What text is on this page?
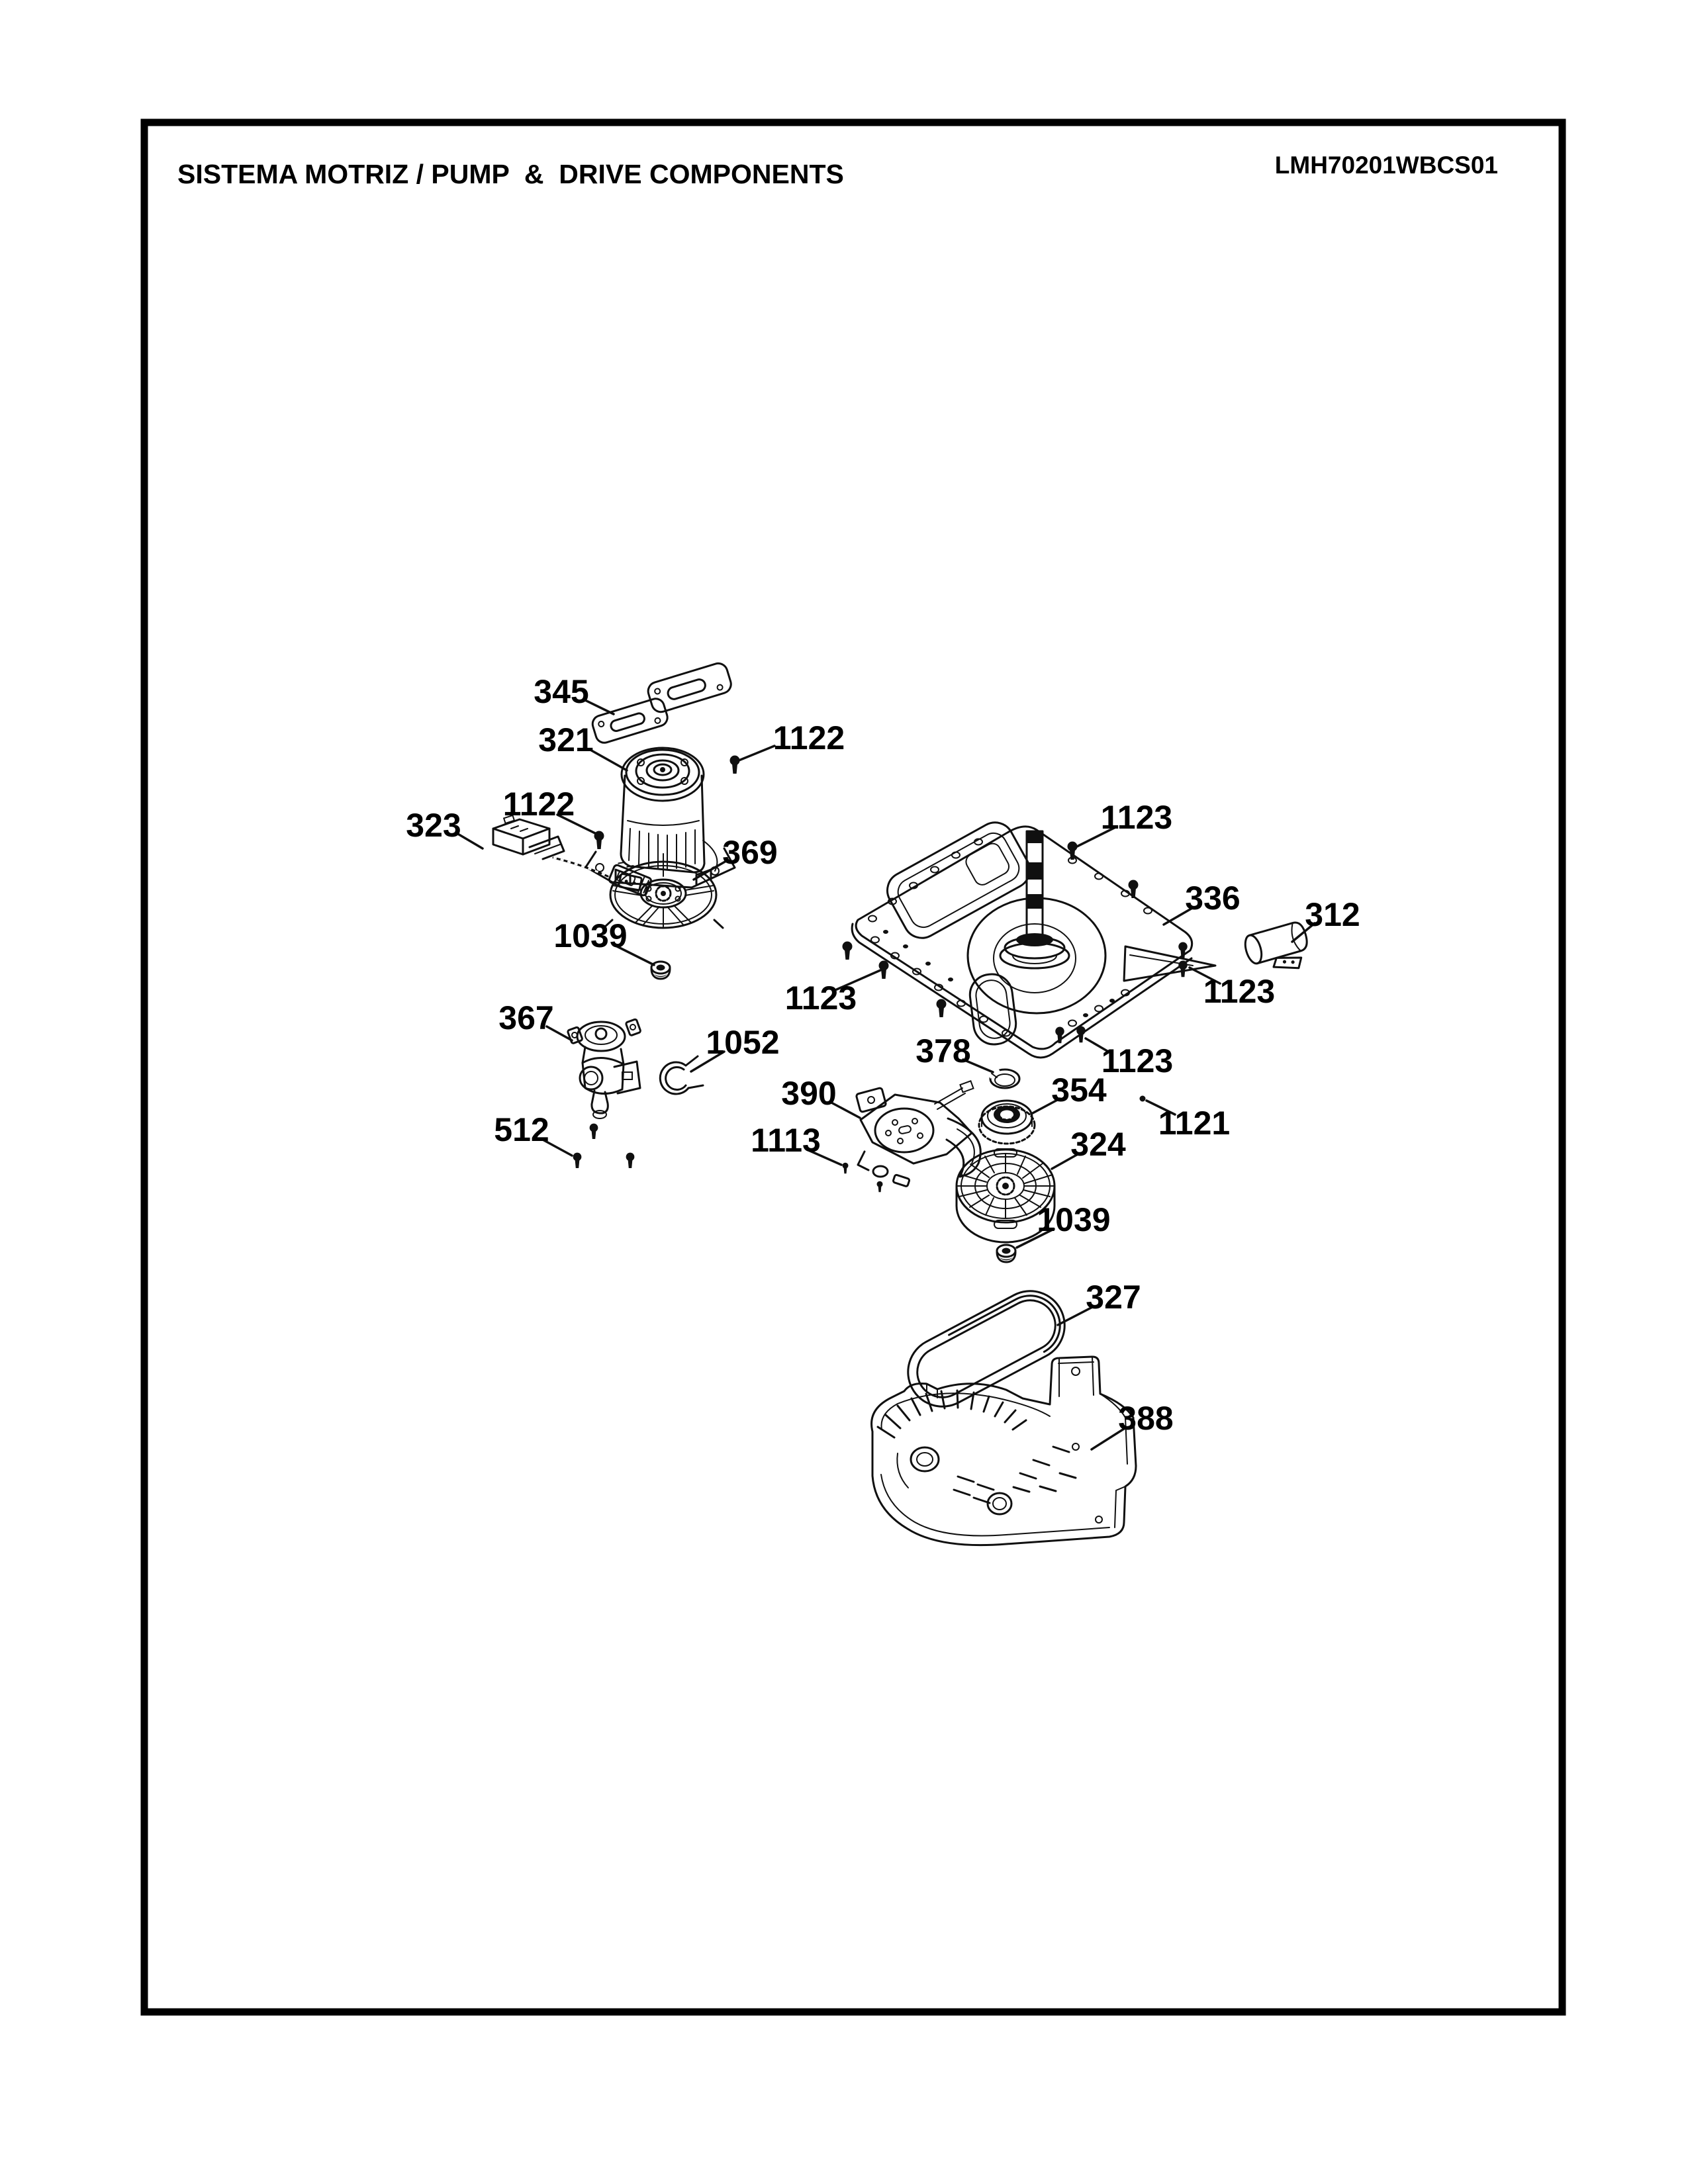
SISTEMA MOTRIZ / PUMP  &  DRIVE COMPONENTS	LMH70201WBCS01
345
321	1122
1122
323
369
1039
367
1052
512
390
1113
378
354
324
1039
327
388
1123
336 312
1123	1123
1123
1121
